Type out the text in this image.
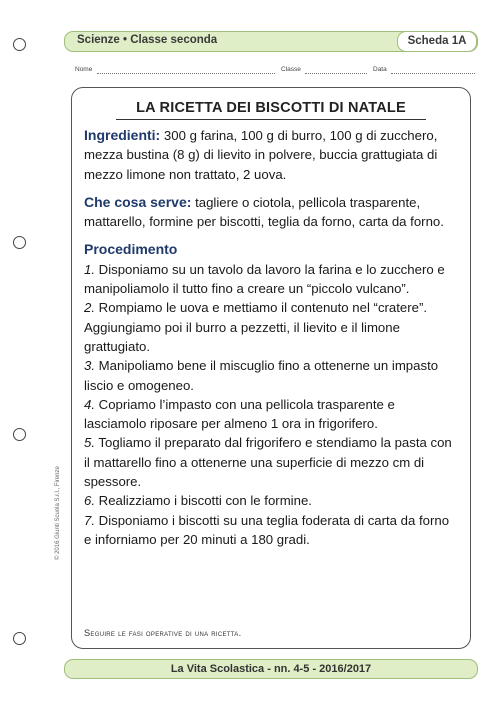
Scienze • Classe seconda	Scheda 1A
Nome	Classe	Data
LA RICETTA DEI BISCOTTI DI NATALE

Ingredienti: 300 g farina, 100 g di burro, 100 g di zucchero, mezza bustina (8 g) di lievito in polvere, buccia grattugiata di mezzo limone non trattato, 2 uova.

Che cosa serve: tagliere o ciotola, pellicola trasparente, mattarello, formine per biscotti, teglia da forno, carta da forno.

Procedimento

1. Disponiamo su un tavolo da lavoro la farina e lo zucchero e manipoliamolo il tutto fino a creare un “piccolo vulcano”.

2. Rompiamo le uova e mettiamo il contenuto nel “cratere”. Aggiungiamo poi il burro a pezzetti, il lievito e il limone grattugiato.

3. Manipoliamo bene il miscuglio fino a ottenerne un impasto liscio e omogeneo.

4. Copriamo l’impasto con una pellicola trasparente e lasciamolo riposare per almeno 1 ora in frigorifero.

5. Togliamo il preparato dal frigorifero e stendiamo la pasta con il mattarello fino a ottenerne una superficie di mezzo cm di spessore.

6. Realizziamo i biscotti con le formine.

7. Disponiamo i biscotti su una teglia foderata di carta da forno e inforniamo per 20 minuti a 180 gradi.

Seguire le fasi operative di una ricetta.
© 2016 Giunti Scuola S.r.l., Firenze
La Vita Scolastica - nn. 4-5 - 2016/2017
